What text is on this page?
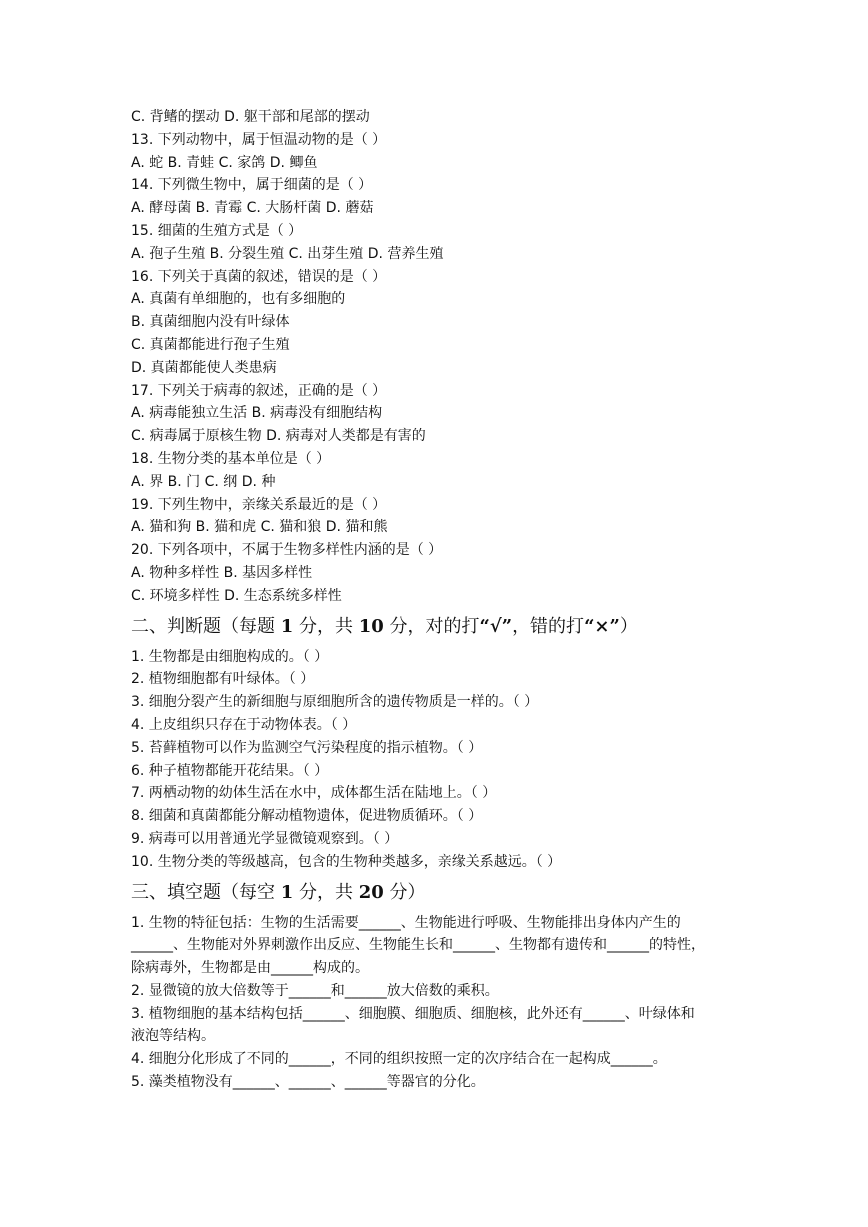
C. 背鳍的摆动 D. 躯干部和尾部的摆动

13. 下列动物中，属于恒温动物的是（ ）

A. 蛇 B. 青蛙 C. 家鸽 D. 鲫鱼

14. 下列微生物中，属于细菌的是（ ）

A. 酵母菌 B. 青霉 C. 大肠杆菌 D. 蘑菇

15. 细菌的生殖方式是（ ）

A. 孢子生殖 B. 分裂生殖 C. 出芽生殖 D. 营养生殖

16. 下列关于真菌的叙述，错误的是（ ）

A. 真菌有单细胞的，也有多细胞的

B. 真菌细胞内没有叶绿体

C. 真菌都能进行孢子生殖

D. 真菌都能使人类患病

17. 下列关于病毒的叙述，正确的是（ ）

A. 病毒能独立生活 B. 病毒没有细胞结构

C. 病毒属于原核生物 D. 病毒对人类都是有害的

18. 生物分类的基本单位是（ ）

A. 界 B. 门 C. 纲 D. 种

19. 下列生物中，亲缘关系最近的是（ ）

A. 猫和狗 B. 猫和虎 C. 猫和狼 D. 猫和熊

20. 下列各项中，不属于生物多样性内涵的是（ ）

A. 物种多样性 B. 基因多样性

C. 环境多样性 D. 生态系统多样性

二、判断题（每题 1 分，共 10 分，对的打“√”，错的打“×”）

1. 生物都是由细胞构成的。（ ）

2. 植物细胞都有叶绿体。（ ）

3. 细胞分裂产生的新细胞与原细胞所含的遗传物质是一样的。（ ）

4. 上皮组织只存在于动物体表。（ ）

5. 苔藓植物可以作为监测空气污染程度的指示植物。（ ）

6. 种子植物都能开花结果。（ ）

7. 两栖动物的幼体生活在水中，成体都生活在陆地上。（ ）

8. 细菌和真菌都能分解动植物遗体，促进物质循环。（ ）

9. 病毒可以用普通光学显微镜观察到。（ ）

10. 生物分类的等级越高，包含的生物种类越多，亲缘关系越远。（ ）

三、填空题（每空 1 分，共 20 分）

1. 生物的特征包括：生物的生活需要______、生物能进行呼吸、生物能排出身体内产生的

______、生物能对外界刺激作出反应、生物能生长和______、生物都有遗传和______的特性，

除病毒外，生物都是由______构成的。

2. 显微镜的放大倍数等于______和______放大倍数的乘积。

3. 植物细胞的基本结构包括______、细胞膜、细胞质、细胞核，此外还有______、叶绿体和

液泡等结构。

4. 细胞分化形成了不同的______，不同的组织按照一定的次序结合在一起构成______。

5. 藻类植物没有______、______、______等器官的分化。
